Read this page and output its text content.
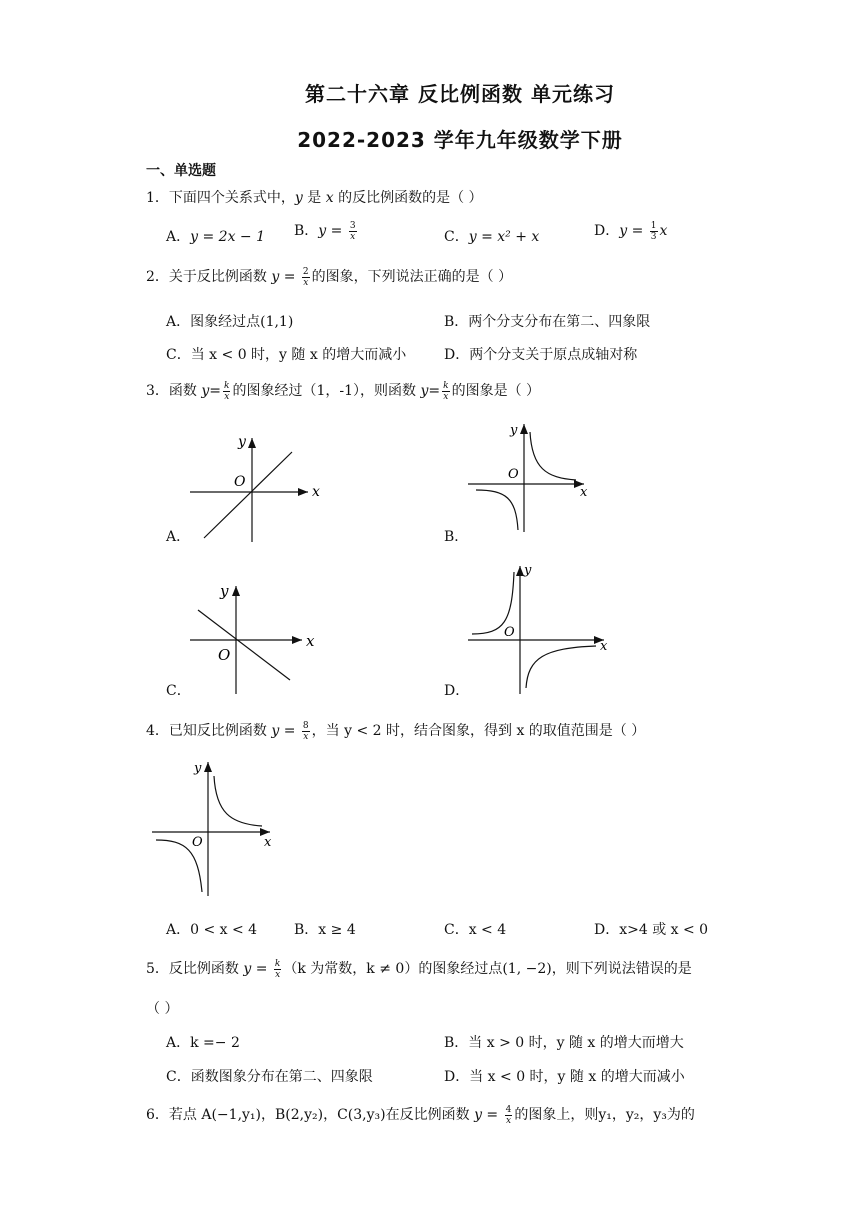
第二十六章 反比例函数 单元练习
2022-2023 学年九年级数学下册
一、单选题
1．下面四个关系式中，y 是 x 的反比例函数的是（ ）
A．y = 2x − 1 B．$y = \frac{3}{x}$	C．y = x² + x	D．$y = \frac{1}{3}$ x
2．关于反比例函数 $y = \frac{2}{x}$ 的图象，下列说法正确的是（ ）
A．图象经过点(1,1)	B．两个分支分布在第二、四象限
C．当 x < 0 时，y 随 x 的增大而减小	D．两个分支关于原点成轴对称
3．函数 $y= \frac{k}{x}$ 的图象经过（1，-1），则函数 $y= \frac{k}{x}$ 的图象是（ ）
x
y
O
A．
x
y
O
B．
x
y
O
C．
x
y
O
D．
4．已知反比例函数 $y = \frac{8}{x}$ ，当 y < 2 时，结合图象，得到 x 的取值范围是（ ）
x
y
O
A．0 < x < 4	B．x ≥ 4	C．x < 4	D．x>4 或 x < 0
5．反比例函数 $y = \frac{k}{x} (k$ 为常数，k ≠ 0）的图象经过点(1, −2)，则下列说法错误的是
（ ）
A．k =− 2	B．当 x > 0 时，y 随 x 的增大而增大
C．函数图象分布在第二、四象限	D．当 x < 0 时，y 随 x 的增大而减小
6．若点 A(−1,y₁)，B(2,y₂)，C(3,y₃)在反比例函数 $y = \frac{4}{x}$ 的图象上，则y₁，y₂，y₃为的
